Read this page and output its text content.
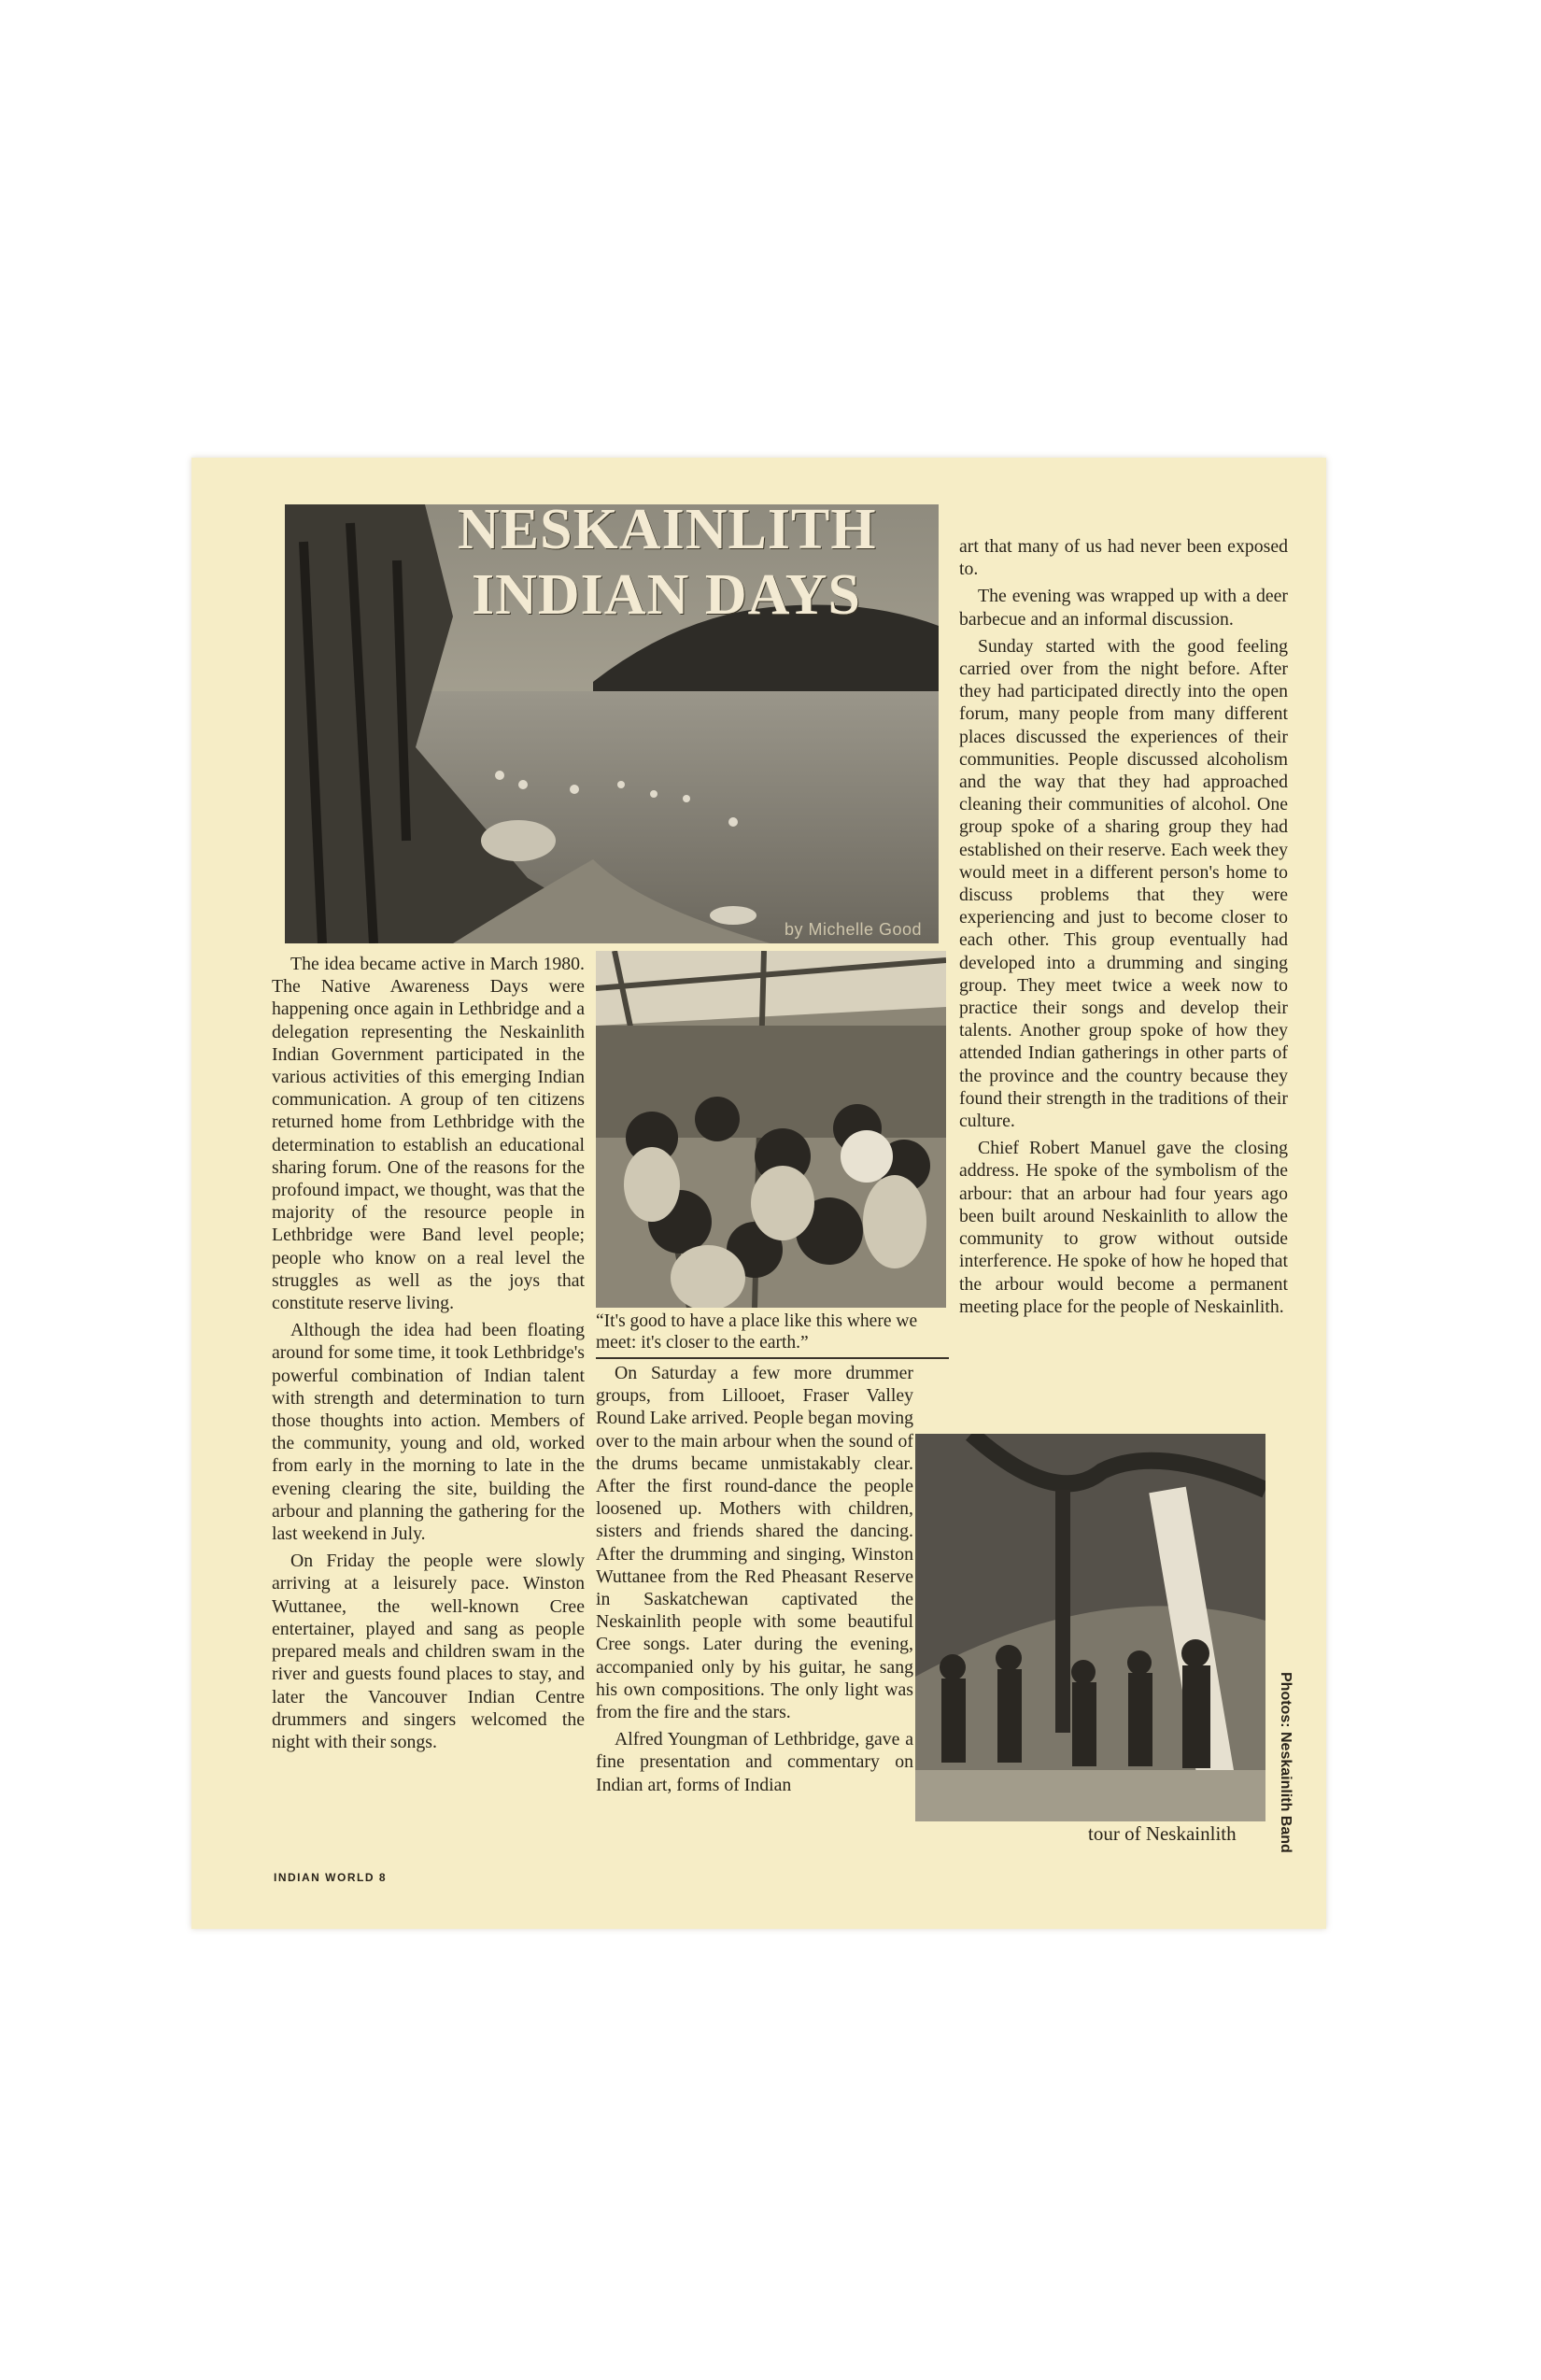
NESKAINLITH
INDIAN DAYS
by Michelle Good

The idea became active in March 1980. The Native Awareness Days were happening once again in Lethbridge and a delegation representing the Neskainlith Indian Government participated in the various activities of this emerging Indian communication. A group of ten citizens returned home from Lethbridge with the determination to establish an educational sharing forum. One of the reasons for the profound impact, we thought, was that the majority of the resource people in Lethbridge were Band level people; people who know on a real level the struggles as well as the joys that constitute reserve living.

Although the idea had been floating around for some time, it took Lethbridge's powerful combination of Indian talent with strength and determination to turn those thoughts into action. Members of the community, young and old, worked from early in the morning to late in the evening clearing the site, building the arbour and planning the gathering for the last weekend in July.

On Friday the people were slowly arriving at a leisurely pace. Winston Wuttanee, the well-known Cree entertainer, played and sang as people prepared meals and children swam in the river and guests found places to stay, and later the Vancouver Indian Centre drummers and singers welcomed the night with their songs.

“It's good to have a place like this where we meet: it's closer to the earth.”

On Saturday a few more drummer groups, from Lillooet, Fraser Valley Round Lake arrived. People began moving over to the main arbour when the sound of the drums became unmistakably clear. After the first round-dance the people loosened up. Mothers with children, sisters and friends shared the dancing. After the drumming and singing, Winston Wuttanee from the Red Pheasant Reserve in Saskatchewan captivated the Neskainlith people with some beautiful Cree songs. Later during the evening, accompanied only by his guitar, he sang his own compositions. The only light was from the fire and the stars.

Alfred Youngman of Lethbridge, gave a fine presentation and commentary on Indian art, forms of Indian

art that many of us had never been exposed to.

The evening was wrapped up with a deer barbecue and an informal discussion.

Sunday started with the good feeling carried over from the night before. After they had participated directly into the open forum, many people from many different places discussed the experiences of their communities. People discussed alcoholism and the way that they had approached cleaning their communities of alcohol. One group spoke of a sharing group they had established on their reserve. Each week they would meet in a different person's home to discuss problems that they were experiencing and just to become closer to each other. This group eventually had developed into a drumming and singing group. They meet twice a week now to practice their songs and develop their talents. Another group spoke of how they attended Indian gatherings in other parts of the province and the country because they found their strength in the traditions of their culture.

Chief Robert Manuel gave the closing address. He spoke of the symbolism of the arbour: that an arbour had four years ago been built around Neskainlith to allow the community to grow without outside interference. He spoke of how he hoped that the arbour would become a permanent meeting place for the people of Neskainlith.

tour of Neskainlith	Photos: Neskainlith Band
INDIAN WORLD 8
